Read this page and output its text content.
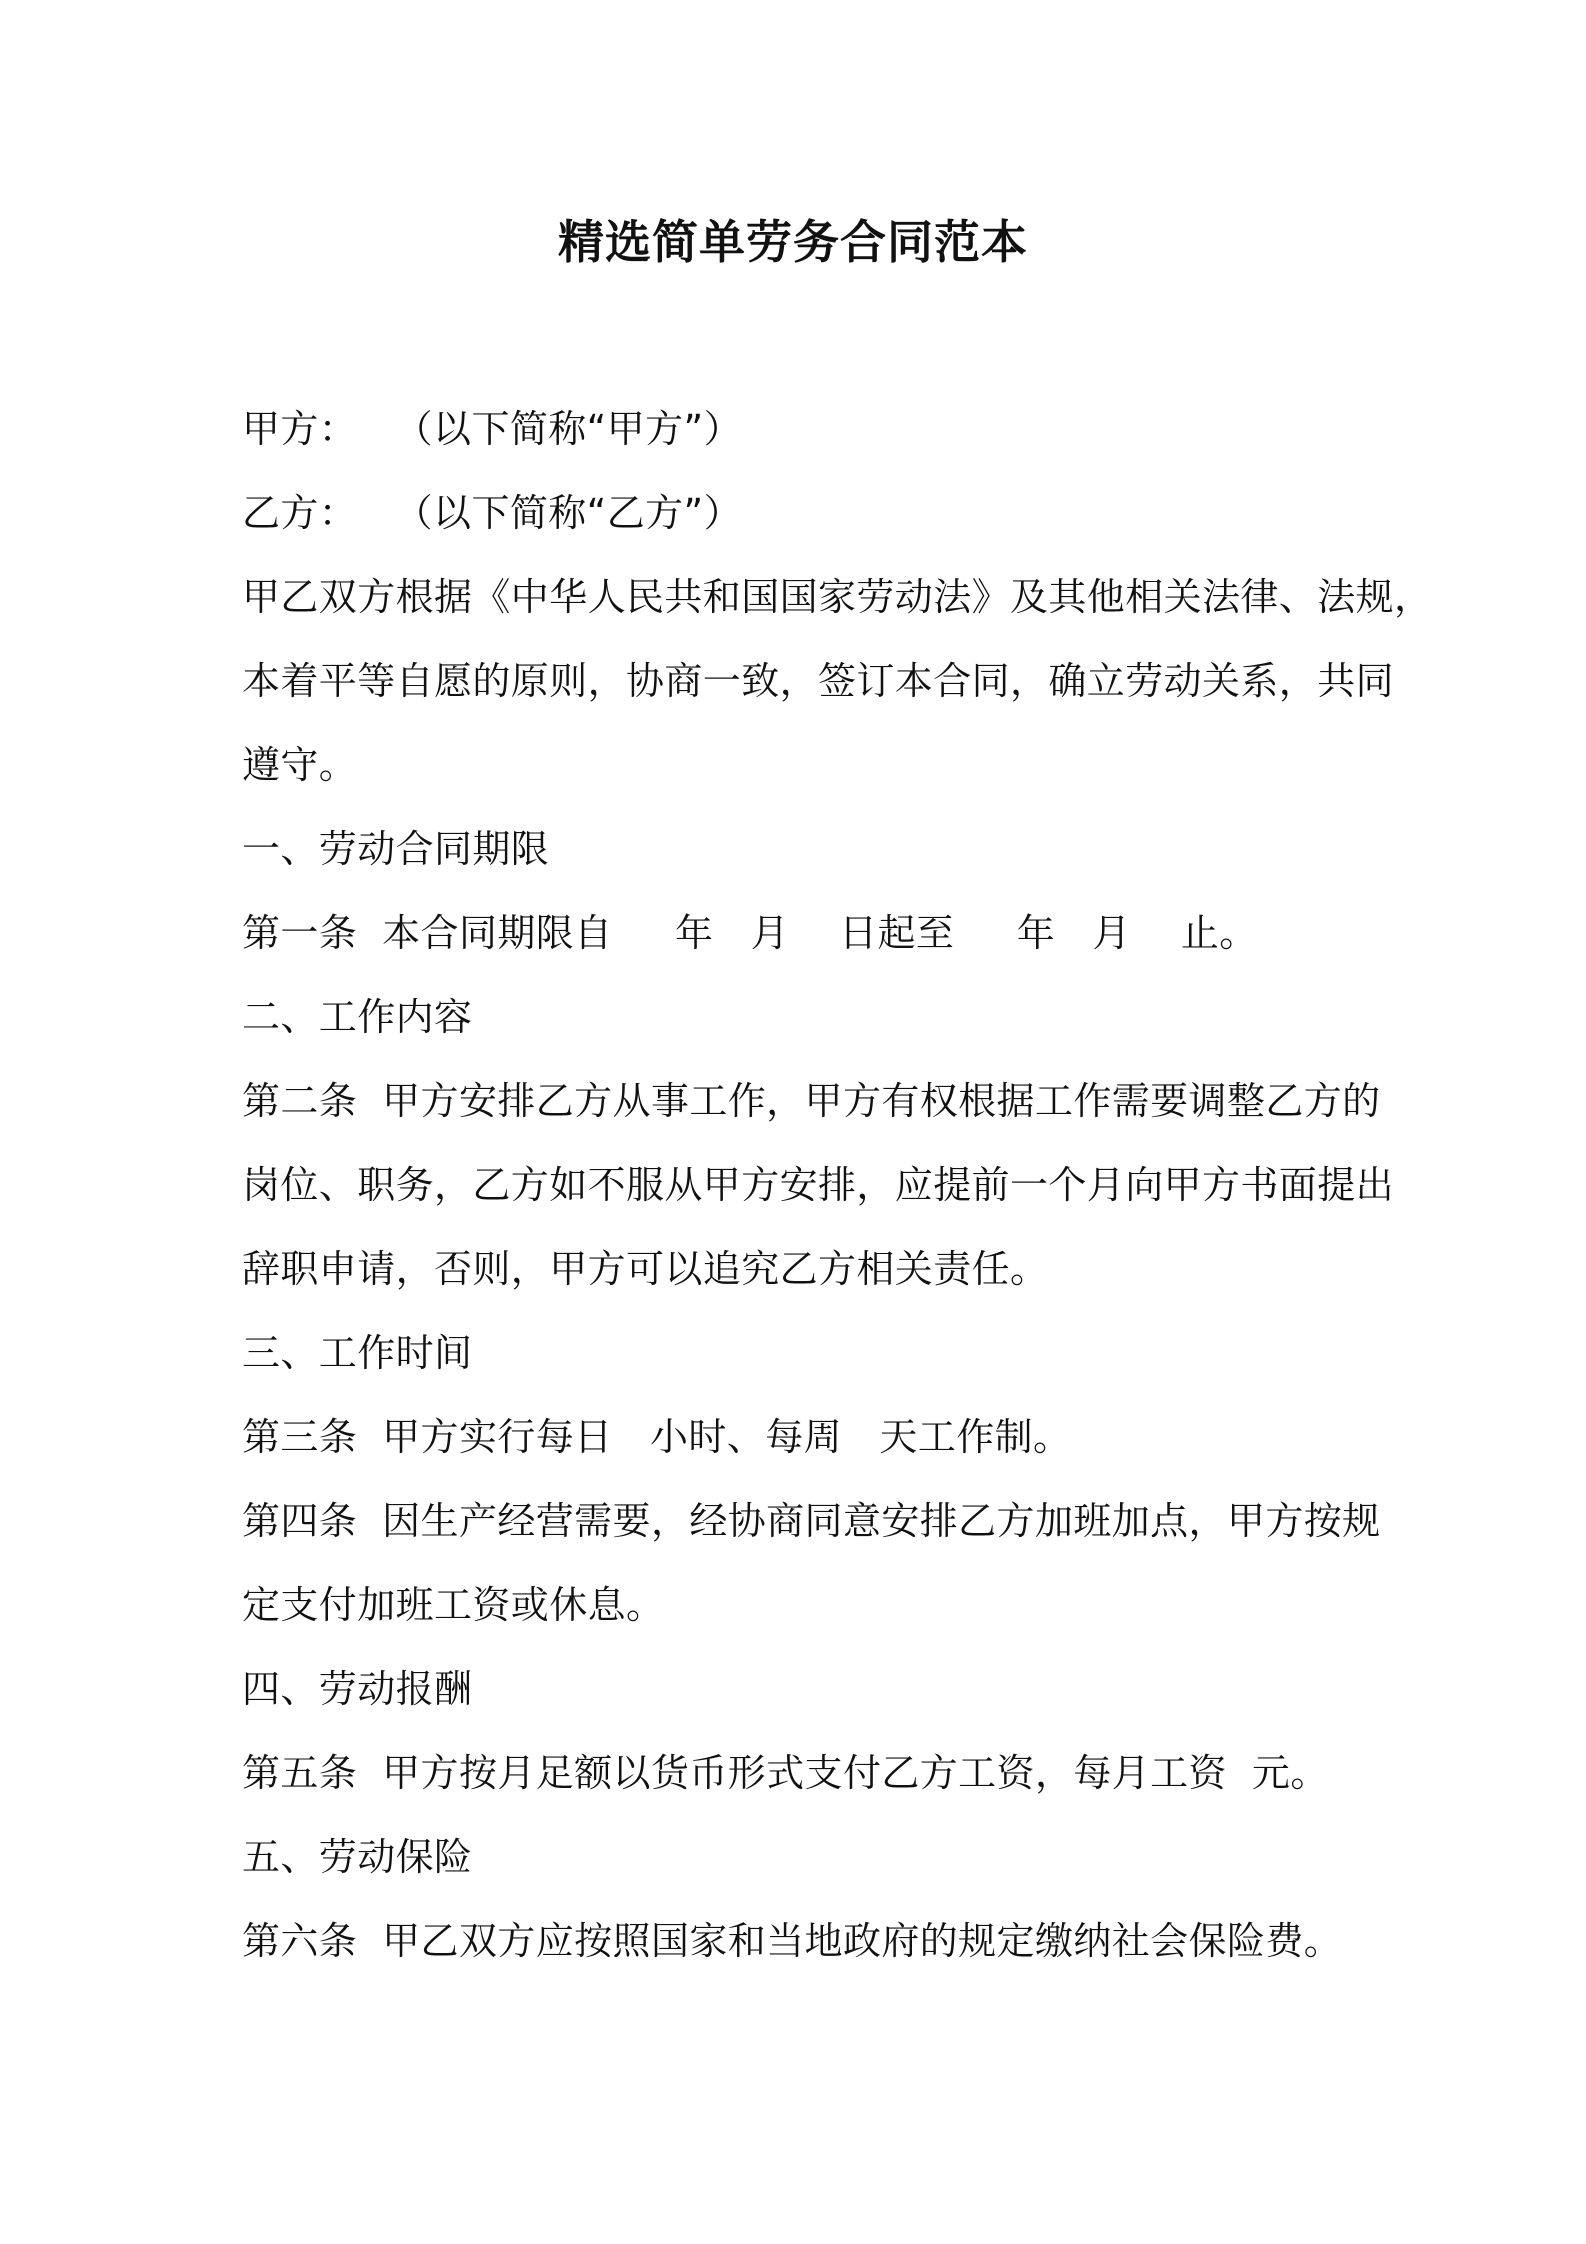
精选简单劳务合同范本
甲方：   （以下简称“甲方”）
乙方：   （以下简称“乙方”）
甲乙双方根据《中华人民共和国国家劳动法》及其他相关法律、法规，
本着平等自愿的原则，协商一致，签订本合同，确立劳动关系，共同
遵守。
一、劳动合同期限
第一条  本合同期限自     年   月    日起至     年   月    止。
二、工作内容
第二条  甲方安排乙方从事工作，甲方有权根据工作需要调整乙方的
岗位、职务，乙方如不服从甲方安排，应提前一个月向甲方书面提出
辞职申请，否则，甲方可以追究乙方相关责任。
三、工作时间
第三条  甲方实行每日   小时、每周   天工作制。
第四条  因生产经营需要，经协商同意安排乙方加班加点，甲方按规
定支付加班工资或休息。
四、劳动报酬
第五条  甲方按月足额以货币形式支付乙方工资，每月工资  元。
五、劳动保险
第六条  甲乙双方应按照国家和当地政府的规定缴纳社会保险费。
